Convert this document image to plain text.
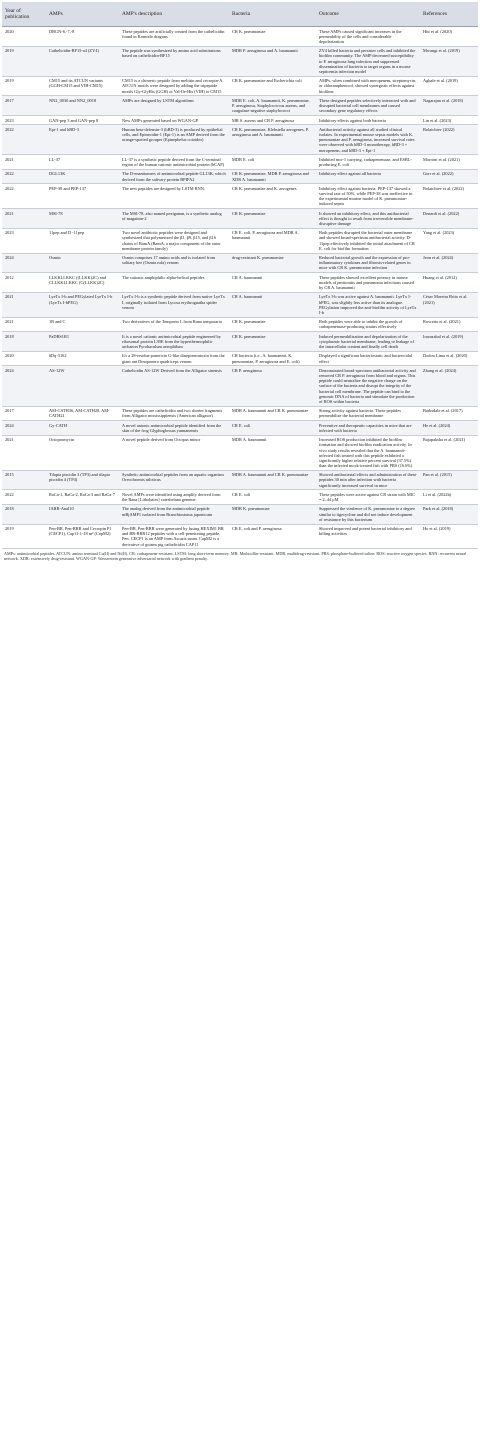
Year of publication	AMPs	AMP's description	Bacteria	Outcome	References
2020	DRGN-6,-7,-8	These peptides are artificially created from the cathelicidin found in Komodo dragons	CR K. pneumoniae	These AMPs caused significant increases in the permeability of the cells and considerable depolarization	Hitt et al. (2020)
2019	Cathelicidin-BF15-a4 (ZY4)	The peptide was synthesized by amino acid substitutions based on cathelicidin-BF15	MDR P. aeruginosa and A. baumannii	ZY4 killed bacteria and persister cells and inhibited the biofilm community. The AMP decreased susceptibility to P. aeruginosa lung infection and suppressed dissemination of bacteria to target organs in a mouse septicemia infection model	Mwangi et al. (2019)
2019	CM15 and its ATCUN variants (GGH-CM15 and VIH-CM15)	CM15 is a chimeric peptide from melittin and cecropin-A. ATCUN motifs were designed by adding the tripeptide motifs Gly-GlyHis (GGH) or Val-Ile-His (VIH) to CM15	CR K. pneumoniae and Escherichia coli	AMPs, when combined with meropenem, streptomycin, or chloramphenicol, showed synergistic effects against biofilms	Agbale et al. (2019)
2017	NN2_0030 and NN2_0018	AMPs are designed by LSTM algorithms	MDR E. coli, A. baumannii, K. pneumoniae, P. aeruginosa, Staphylococcus aureus, and coagulase-negative staphylococci	These designed peptides selectively interacted with and disrupted bacterial cell membranes and caused secondary gene regulatory effects	Nagarajan et al. (2018)
2023	GAN-pep 3 and GAN-pep 8	New AMPs generated based on WGAN-GP.	MR S. aureus and CR P. aeruginosa	Inhibitory effects against both bacteria	Lin et al. (2023)
2022	Epi-1 and hBD-3	Human beta-defensin-3 (hBD-3) is produced by epithelial cells, and Epinecidin-1 (Epi-1) is an AMP derived from the orange-spotted grouper (Epinephelus coioides)	CR K. pneumoniae, Klebsiella aerogenes, P. aeruginosa and A. baumannii	Antibacterial activity against all studied clinical isolates. In experimental mouse sepsis models with K. pneumoniae and P. aeruginosa, increased survival rates were observed with hBD-3 monotherapy, hBD-3 + meropenem, and hBD-3 + Epi-1	Bolatchiev (2022)
2021	LL-37	LL-37 is a synthetic peptide derived from the C-terminal region of the human cationic antimicrobial protein (hCAP)	MDR E. coli	Inhibited mcr-1 carrying, carbapenemase, and ESBL-producing E. coli	Morroni et al. (2021)
2022	DGL13K	The D-enantiomers of antimicrobial peptide GL13K, which derived from the salivary protein BPIFA2	CR K. pneumoniae, MDR P. aeruginosa and XDR A. baumannii	Inhibitory effect against all bacteria	Gorr et al. (2022)
2022	PEP-38 and PEP-137	The new peptides are designed by LSTM RNN.	CR K. pneumoniae and K. aerogenes	Inhibitory effect against bacteria. PEP-137 showed a survival rate of 50%, while PEP-38 was ineffective in the experimental murine model of K. pneumoniae-induced sepsis	Bolatchiev et al. (2022)
2021	MSI-78	The MSI-78, also named pexiganan, is a synthetic analog of magainin-2	CR K. pneumoniae	It showed an inhibitory effect, and this antibacterial effect is thought to result from irreversible membrane-disruptive damage	Denardi et al. (2022)
2023	11pep and D -11pep	Two novel antibiotic peptides were designed and synthesized that polymerized the β1, β9, β15, and β16 chains of BamA (BamA, a major component of the outer membrane protein family)	CR E. coli, P. aeruginosa and MDR A. baumannii	Both peptides disrupted the bacterial outer membrane and showed broad-spectrum antibacterial activity. D-11pep effectively inhibited the initial attachment of CR E. coli for biofilm formation	Yang et al. (2023)
2024	Osmin	Osmin comprises 17 amino acids and is isolated from solitary bee (Osmia rufa) venom	drug-resistant K. pneumoniae	Reduced bacterial growth and the expression of pro-inflammatory cytokines and fibrosis-related genes in mice with CR K. pneumoniae infection	Jeon et al. (2024)
2012	LLKKLLKKC ((LLKK)2C) and CLLKKLLKKC (C(LLKK)2C)	The cationic amphiphilic alpha-helical peptides	CR A. baumannii	These peptides showed excellent potency in mouse models of peritonitis and pneumonia infections caused by CR A. baumannii	Huang et al. (2012)
2021	LyeTx I-b and PEGylated LyeTx I-b (LyeTx I-bPEG)	LyeTx I-b is a synthetic peptide derived from native LyeTx I, originally isolated from Lycosa erythrognatha spider venom	CR A. baumannii	LyeTx I-b was active against A. baumannii. LyeTx I-bPEG, was slightly less active than its analogue. PEGylation improved the anti-biofilm activity of LyeTx I-b	César Moreira Brito et al. (2021)
2021	1B and C	Two derivatives of the Temporin L from Rana temporaria	CR K. pneumoniae	Both peptides were able to inhibit the growth of carbapenemase-producing strains effectively	Roscetto et al. (2021)
2018	PaDBS1R1	It is a novel cationic antimicrobial peptide engineered by ribosomal protein L39E from the hyperthermophilic archaeon Pyrobaculum aerophilum	CR K. pneumoniae	Induced permeabilization and depolarization of the cytoplasmic bacterial membrane, leading to leakage of the intracellular content and finally cell death	Irazazabal et al. (2019)
2020	δDq-3162	It's a 28-residue ponericin G-like dinoponeratoxin from the giant ant Dinoponera quadriceps venom	CR bacteria (i.e., A. baumannii, K. pneumoniae, P. aeruginosa and E. coli)	Displayed a significant bacteriostatic and bactericidal effect	Dodou Lima et al. (2020)
2024	AS-12W	Cathelicidin AS-12W Derived from the Alligator sinensis	CR P. aeruginosa	Demonstrated broad-spectrum antibacterial activity and removed CR P. aeruginosa from blood and organs. This peptide could neutralize the negative charge on the surface of the bacteria and disrupt the integrity of the bacterial cell membrane. The peptide can bind to the genomic DNA of bacteria and stimulate the production of ROS within bacteria	Zhang et al. (2024)
2017	AM-CATH36, AM-CATH28, AM-CATH21	These peptides are cathelicidin and two shorter fragments from Alligator mississippiensis (American alligator)	MDR A. baumannii and CR K. pneumoniae	Strong activity against bacteria. These peptides permeabilize the bacterial membrane	Barksdale et al. (2017)
2024	Gy-CATH	A novel anionic antimicrobial peptide identified from the skin of the frog Glyphoglossus yunnanensis	CR E. coli	Preventive and therapeutic capacities in mice that are infected with bacteria	He et al. (2024)
2021	Octopromycin	A novel peptide derived from Octopus minor	MDR A. baumannii	Increased ROS production inhibited the biofilm formation and showed biofilm eradication activity. In vivo study results revealed that the A. baumannii-infected fish treated with this peptide exhibited a significantly higher relative percent survival (37.5%) than the infected mock-treated fish with PBS (16.6%)	Rajapaksha et al. (2021)
2015	Tilapia piscidin 3 (TP3) and tilapia piscidin 4 (TP4)	Synthetic antimicrobial peptides from an aquatic organism Oreochromis niloticus	MDR A. baumannii and CR K. pneumoniae	Showed antibacterial effects and administration of these peptides 30 min after infection with bacteria significantly increased survival in mice	Pan et al. (2015)
2022	RaCa-1, RaCa-2, RaCa-3 and RaCa-7	Novel AMPs were identified using amplify derived from the Rana [Lithobates] catesbeiana genome	CR E. coli	These peptides were active against CR strain with MIC = 2–44 μM	Li et al. (2022b)
2018	IARR-Anal10	The analog derived from the antimicrobial peptide mBjAMP1 isolated from Branchiostoma japonicum	MDR K. pneumoniae	Suppressed the virulence of K. pneumoniae to a degree similar to tigecycline and did not induce development of resistance by this bacterium	Park et al. (2018)
2019	Pen-BR, Pen-RRR and Cecropin P1 (CECP1), Cap11-1-18 m² (CapM2)	Pen-BR, Pen-RRR were generated by fusing HEXIM1 BR and BR-RRR12 peptides with a cell-penetrating peptide, Pen. CECP1 is an AMP from Ascaris suum. CapM2 is a derivative of guinea pig cathelicidin CAP11	CR E. coli and P. aeruginosa	Showed improved and potent bacterial inhibitory and killing activities	Ho et al. (2019)
AMPs: antimicrobial peptides. ATCUN: amino terminal Cu(II) and Ni(II). CR: carbapenem-resistant. LSTM: long short-term memory. MR: Methicillin-resistant. MDR: multidrug-resistant. PBS: phosphate-buffered saline. ROS: reactive oxygen species. RNN: recurrent neural network. XDR: extensively drug-resistant. WGAN-GP: Wasserstein generative adversarial network with gradient penalty.
